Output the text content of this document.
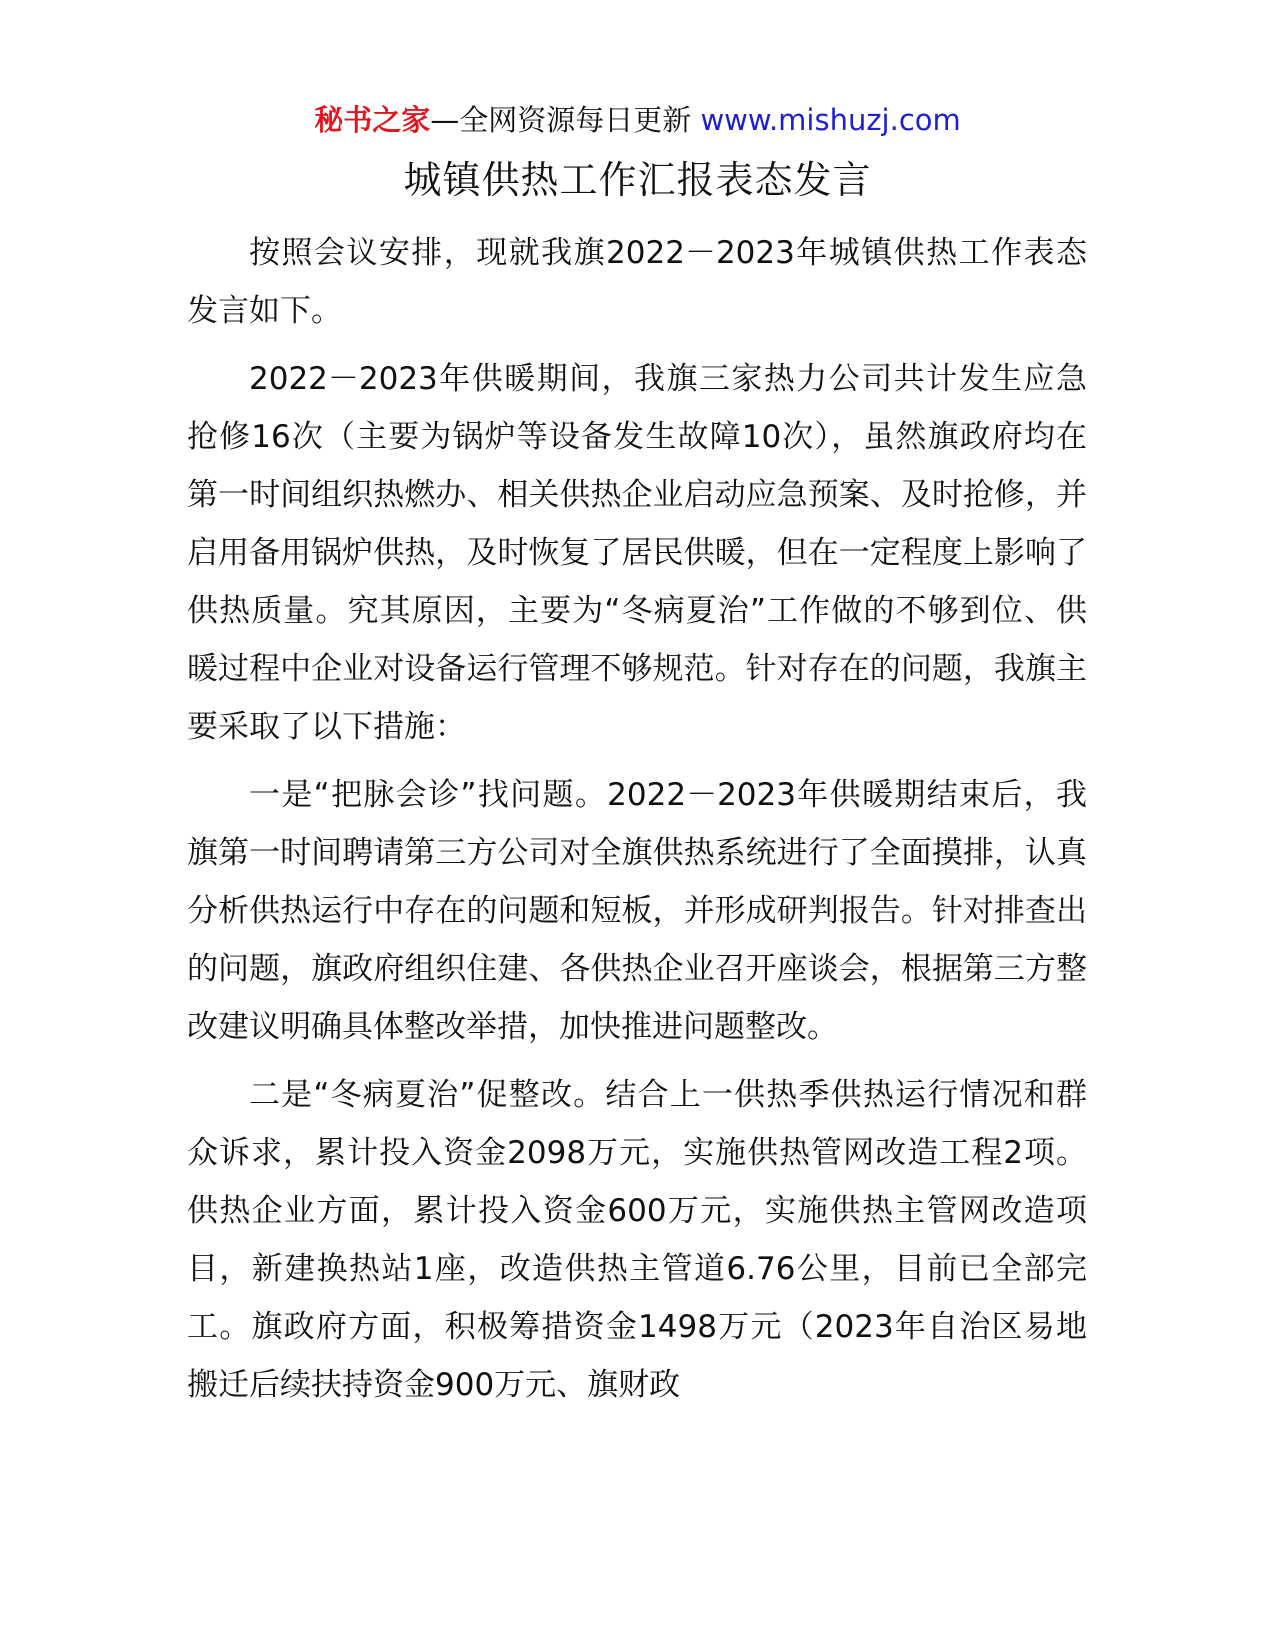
秘书之家—全网资源每日更新 www.mishuzj.com
城镇供热工作汇报表态发言

按照会议安排，现就我旗2022－2023年城镇供热工作表态发言如下。

2022－2023年供暖期间，我旗三家热力公司共计发生应急抢修16次（主要为锅炉等设备发生故障10次），虽然旗政府均在第一时间组织热燃办、相关供热企业启动应急预案、及时抢修，并启用备用锅炉供热，及时恢复了居民供暖，但在一定程度上影响了供热质量。究其原因，主要为“冬病夏治”工作做的不够到位、供暖过程中企业对设备运行管理不够规范。针对存在的问题，我旗主要采取了以下措施：

一是“把脉会诊”找问题。2022－2023年供暖期结束后，我旗第一时间聘请第三方公司对全旗供热系统进行了全面摸排，认真分析供热运行中存在的问题和短板，并形成研判报告。针对排查出的问题，旗政府组织住建、各供热企业召开座谈会，根据第三方整改建议明确具体整改举措，加快推进问题整改。

二是“冬病夏治”促整改。结合上一供热季供热运行情况和群众诉求，累计投入资金2098万元，实施供热管网改造工程2项。供热企业方面，累计投入资金600万元，实施供热主管网改造项目，新建换热站1座，改造供热主管道6.76公里，目前已全部完工。旗政府方面，积极筹措资金1498万元（2023年自治区易地搬迁后续扶持资金900万元、旗财政
